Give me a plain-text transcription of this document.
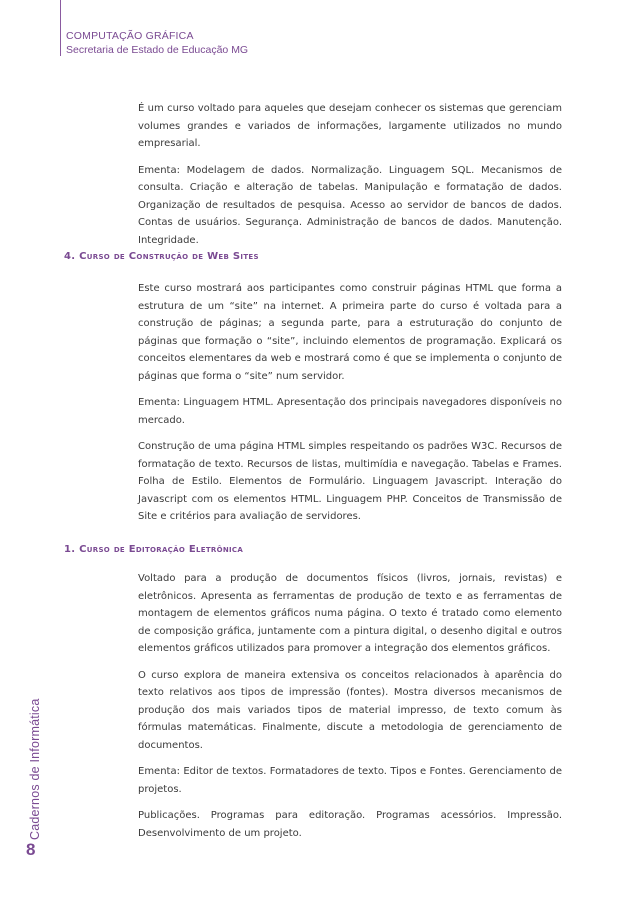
COMPUTAÇÃO GRÁFICA
Secretaria de Estado de Educação MG

É um curso voltado para aqueles que desejam conhecer os sistemas que gerenciam volumes grandes e variados de informações, largamente utilizados no mundo empresarial.

Ementa: Modelagem de dados. Normalização. Linguagem SQL. Mecanismos de consulta. Criação e alteração de tabelas. Manipulação e formatação de dados. Organização de resultados de pesquisa. Acesso ao servidor de bancos de dados. Contas de usuários. Segurança. Administração de bancos de dados. Manutenção. Integridade.

4. Curso de Construção de Web Sites

Este curso mostrará aos participantes como construir páginas HTML que forma a estrutura de um “site” na internet. A primeira parte do curso é voltada para a construção de páginas; a segunda parte, para a estruturação do conjunto de páginas que formação o “site”, incluindo elementos de programação. Explicará os conceitos elementares da web e mostrará como é que se implementa o conjunto de páginas que forma o “site” num servidor.

Ementa: Linguagem HTML. Apresentação dos principais navegadores disponíveis no mercado.

Construção de uma página HTML simples respeitando os padrões W3C. Recursos de formatação de texto. Recursos de listas, multimídia e navegação. Tabelas e Frames. Folha de Estilo. Elementos de Formulário. Linguagem Javascript. Interação do Javascript com os elementos HTML. Linguagem PHP. Conceitos de Transmissão de Site e critérios para avaliação de servidores.

1. Curso de Editoração Eletrônica

Voltado para a produção de documentos físicos (livros, jornais, revistas) e eletrônicos. Apresenta as ferramentas de produção de texto e as ferramentas de montagem de elementos gráficos numa página. O texto é tratado como elemento de composição gráfica, juntamente com a pintura digital, o desenho digital e outros elementos gráficos utilizados para promover a integração dos elementos gráficos.

O curso explora de maneira extensiva os conceitos relacionados à aparência do texto relativos aos tipos de impressão (fontes). Mostra diversos mecanismos de produção dos mais variados tipos de material impresso, de texto comum às fórmulas matemáticas. Finalmente, discute a metodologia de gerenciamento de documentos.

Ementa: Editor de textos. Formatadores de texto. Tipos e Fontes. Gerenciamento de projetos.

Publicações. Programas para editoração. Programas acessórios. Impressão. Desenvolvimento de um projeto.

Cadernos de Informática
8
